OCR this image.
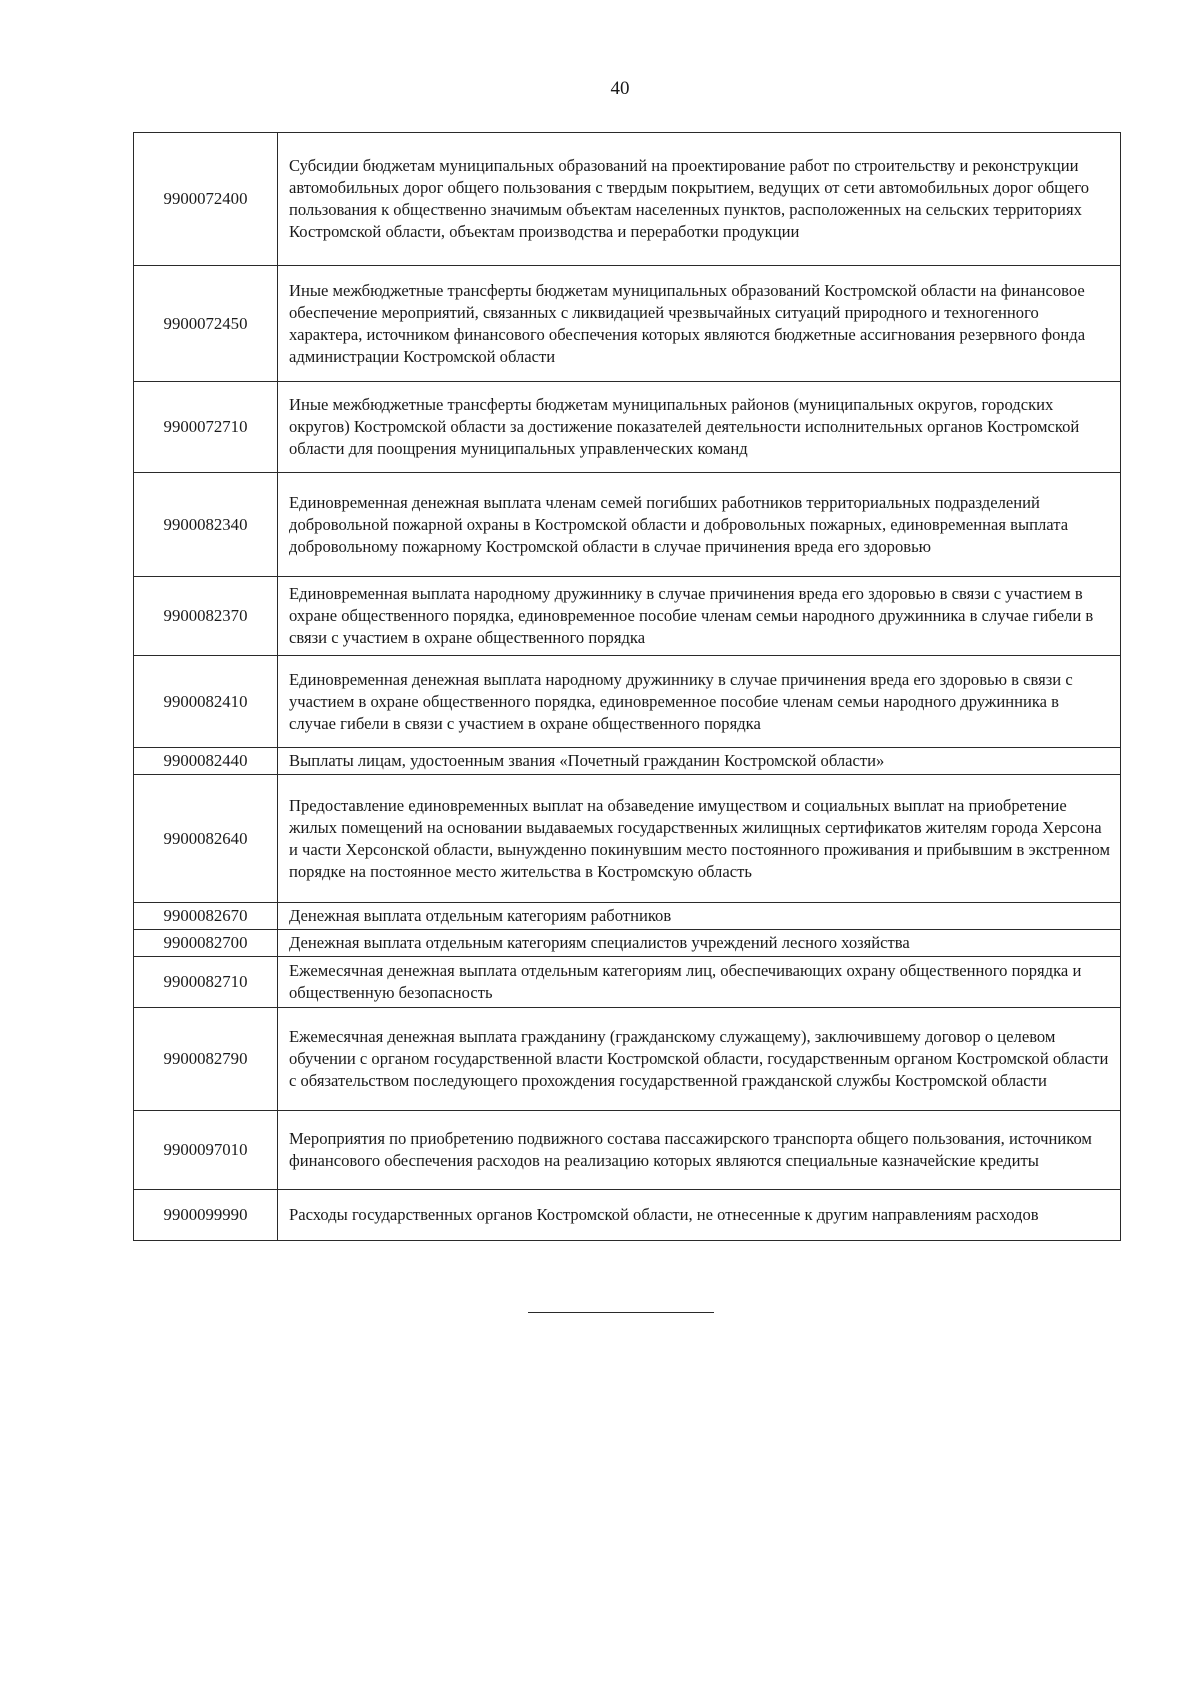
40
9900072400	Субсидии бюджетам муниципальных образований на проектирование работ по строительству и реконструкции автомобильных дорог общего пользования с твердым покрытием, ведущих от сети автомобильных дорог общего пользования к общественно значимым объектам населенных пунктов, расположенных на сельских территориях Костромской области, объектам производства и переработки продукции
9900072450	Иные межбюджетные трансферты бюджетам муниципальных образований Костромской области на финансовое обеспечение мероприятий, связанных с ликвидацией чрезвычайных ситуаций природного и техногенного характера, источником финансового обеспечения которых являются бюджетные ассигнования резервного фонда администрации Костромской области
9900072710	Иные межбюджетные трансферты бюджетам муниципальных районов (муниципальных округов, городских округов) Костромской области за достижение показателей деятельности исполнительных органов Костромской области для поощрения муниципальных управленческих команд
9900082340	Единовременная денежная выплата членам семей погибших работников территориальных подразделений добровольной пожарной охраны в Костромской области и добровольных пожарных, единовременная выплата добровольному пожарному Костромской области в случае причинения вреда его здоровью
9900082370	Единовременная выплата народному дружиннику в случае причинения вреда его здоровью в связи с участием в охране общественного порядка, единовременное пособие членам семьи народного дружинника в случае гибели в связи с участием в охране общественного порядка
9900082410	Единовременная денежная выплата народному дружиннику в случае причинения вреда его здоровью в связи с участием в охране общественного порядка, единовременное пособие членам семьи народного дружинника в случае гибели в связи с участием в охране общественного порядка
9900082440	Выплаты лицам, удостоенным звания «Почетный гражданин Костромской области»
9900082640	Предоставление единовременных выплат на обзаведение имуществом и социальных выплат на приобретение жилых помещений на основании выдаваемых государственных жилищных сертификатов жителям города Херсона и части Херсонской области, вынужденно покинувшим место постоянного проживания и прибывшим в экстренном порядке на постоянное место жительства в Костромскую область
9900082670	Денежная выплата отдельным категориям работников
9900082700	Денежная выплата отдельным категориям специалистов учреждений лесного хозяйства
9900082710	Ежемесячная денежная выплата отдельным категориям лиц, обеспечивающих охрану общественного порядка и общественную безопасность
9900082790	Ежемесячная денежная выплата гражданину (гражданскому служащему), заключившему договор о целевом обучении с органом государственной власти Костромской области, государственным органом Костромской области с обязательством последующего прохождения государственной гражданской службы Костромской области
9900097010	Мероприятия по приобретению подвижного состава пассажирского транспорта общего пользования, источником финансового обеспечения расходов на реализацию которых являются специальные казначейские кредиты
9900099990	Расходы государственных органов Костромской области, не отнесенные к другим направлениям расходов
